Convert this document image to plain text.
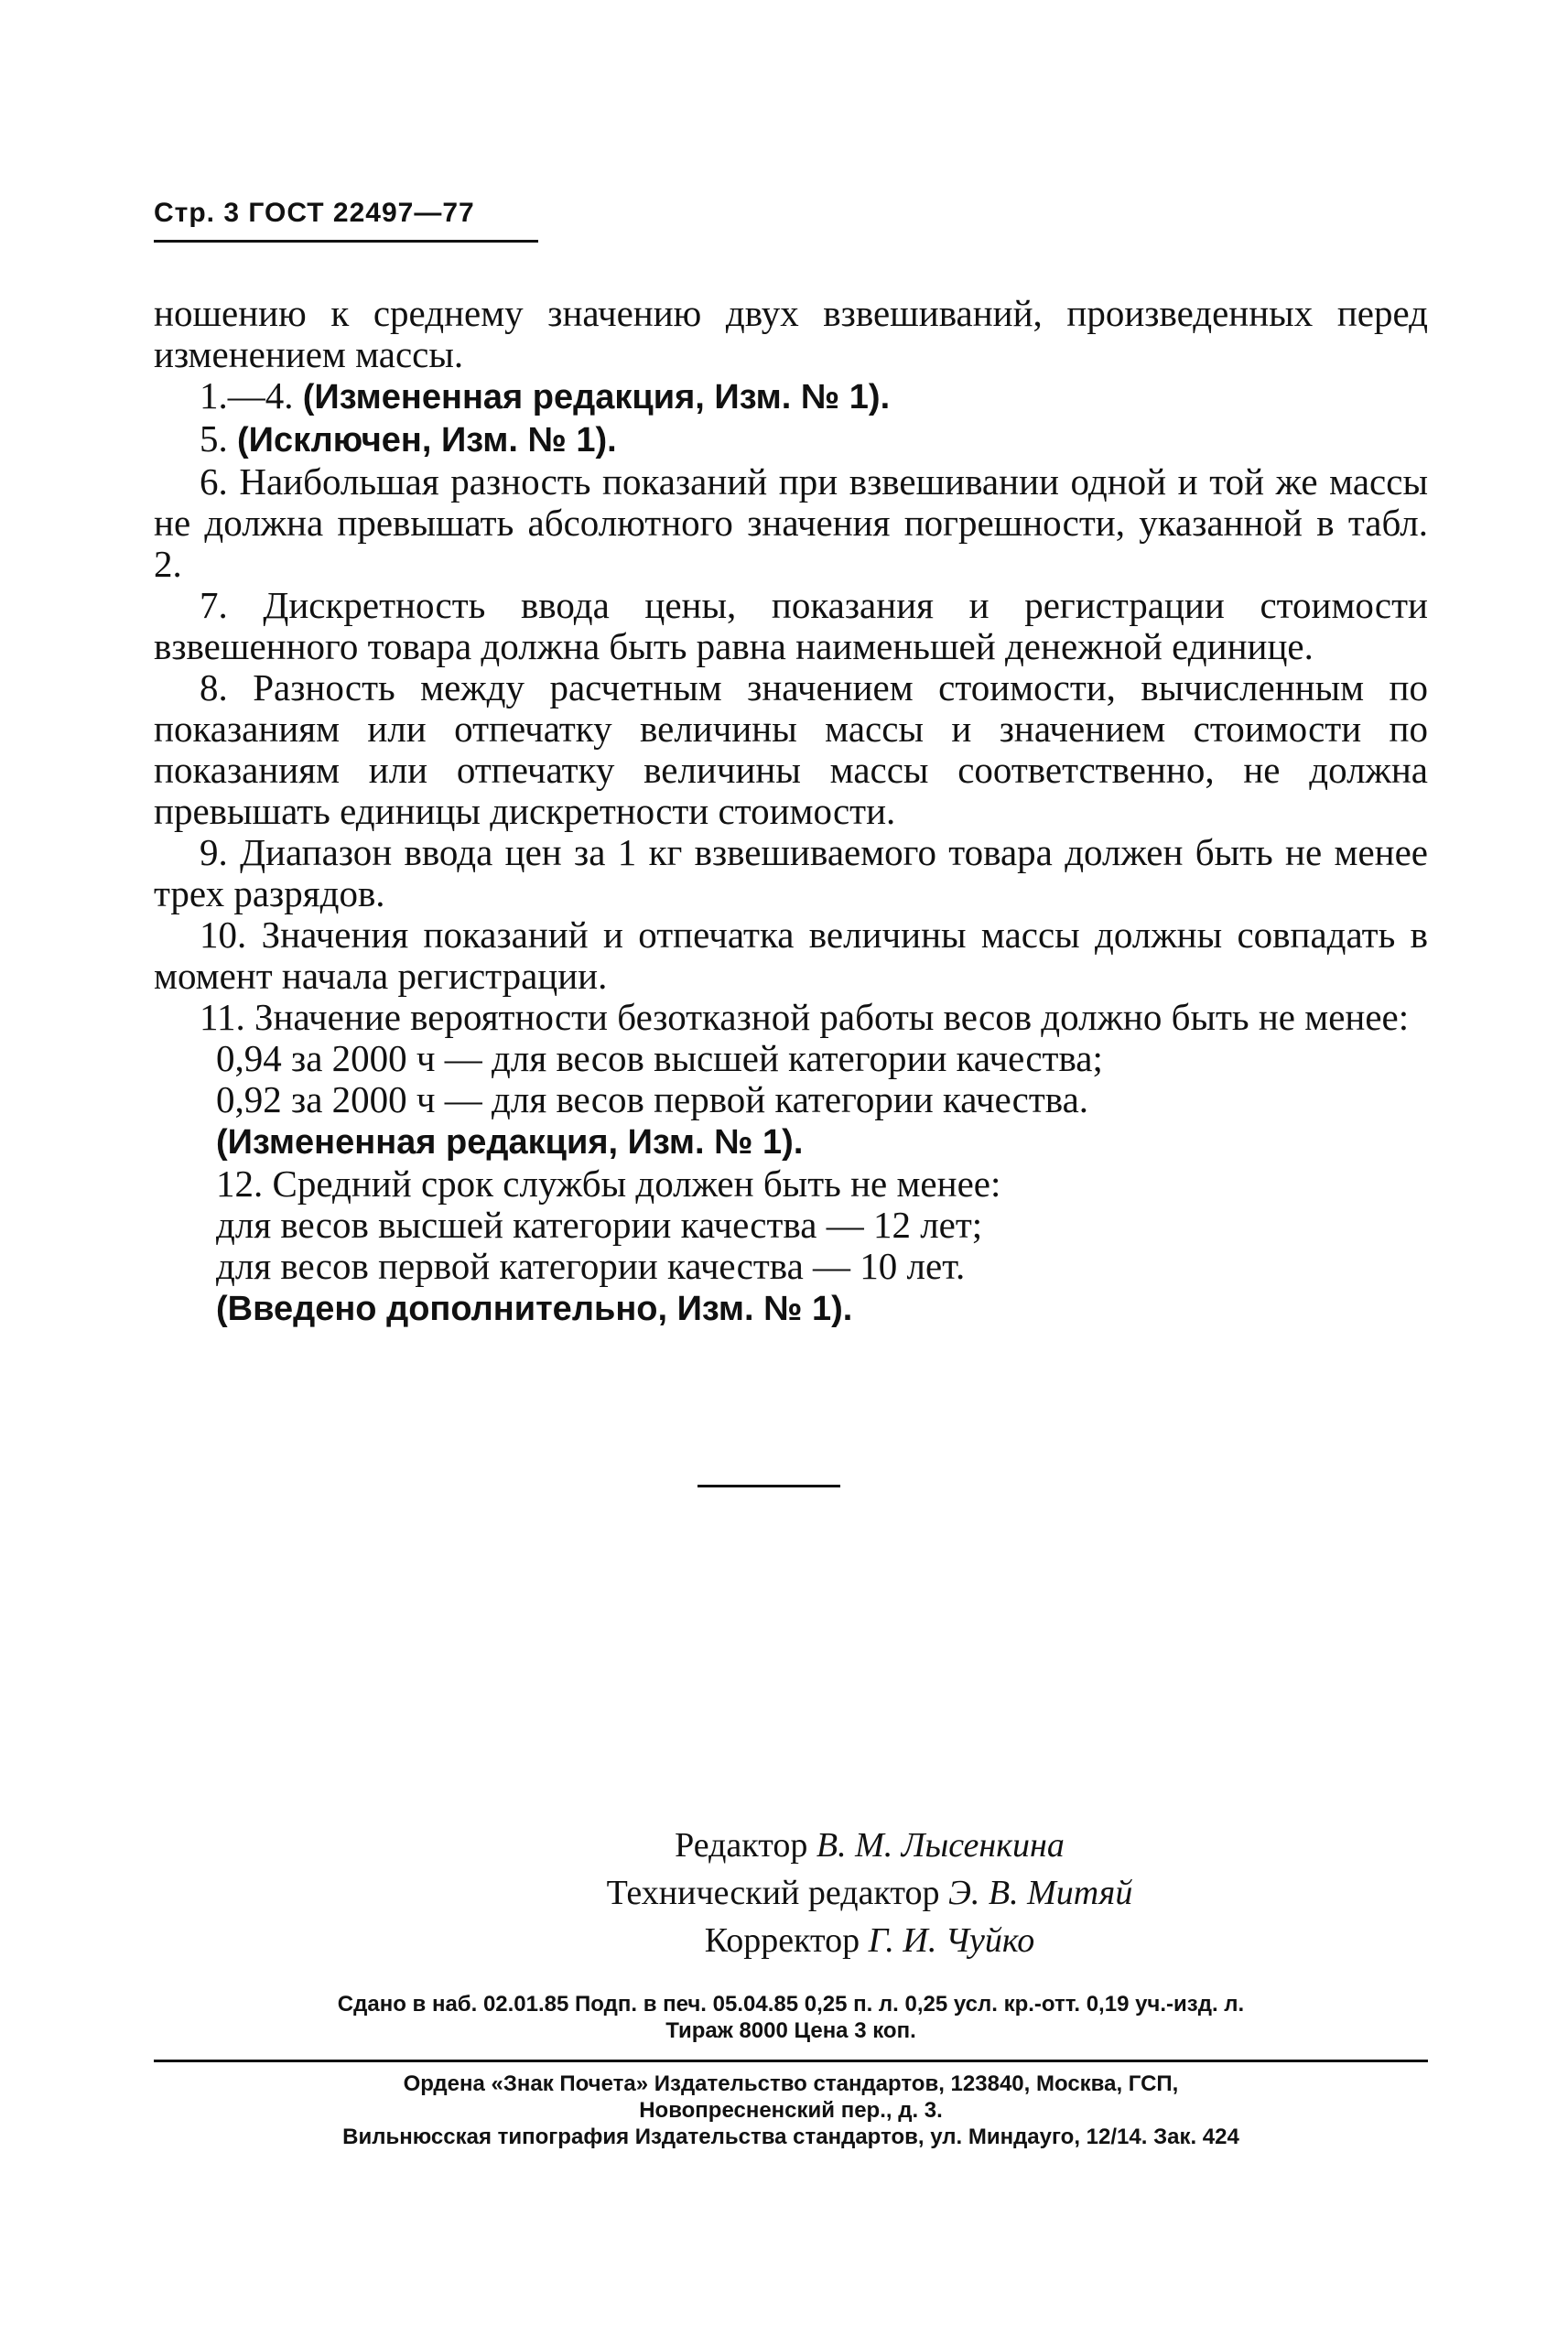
Стр. 3 ГОСТ 22497—77

ношению к среднему значению двух взвешиваний, произведенных перед изменением массы.

1.—4. (Измененная редакция, Изм. № 1).

5. (Исключен, Изм. № 1).

6. Наибольшая разность показаний при взвешивании одной и той же массы не должна превышать абсолютного значения погрешности, указанной в табл. 2.

7. Дискретность ввода цены, показания и регистрации стоимости взвешенного товара должна быть равна наименьшей денежной единице.

8. Разность между расчетным значением стоимости, вычисленным по показаниям или отпечатку величины массы и значением стоимости по показаниям или отпечатку величины массы соответственно, не должна превышать единицы дискретности стоимости.

9. Диапазон ввода цен за 1 кг взвешиваемого товара должен быть не менее трех разрядов.

10. Значения показаний и отпечатка величины массы должны совпадать в момент начала регистрации.

11. Значение вероятности безотказной работы весов должно быть не менее:

0,94 за 2000 ч — для весов высшей категории качества;

0,92 за 2000 ч — для весов первой категории качества.

(Измененная редакция, Изм. № 1).

12. Средний срок службы должен быть не менее:

для весов высшей категории качества — 12 лет;

для весов первой категории качества — 10 лет.

(Введено дополнительно, Изм. № 1).

Редактор В. М. Лысенкина
Технический редактор Э. В. Митяй
Корректор Г. И. Чуйко
Сдано в наб. 02.01.85 Подп. в печ. 05.04.85 0,25 п. л. 0,25 усл. кр.-отт. 0,19 уч.-изд. л.
Тираж 8000 Цена 3 коп.
Ордена «Знак Почета» Издательство стандартов, 123840, Москва, ГСП,
Новопресненский пер., д. 3.
Вильнюсская типография Издательства стандартов, ул. Миндауго, 12/14. Зак. 424
